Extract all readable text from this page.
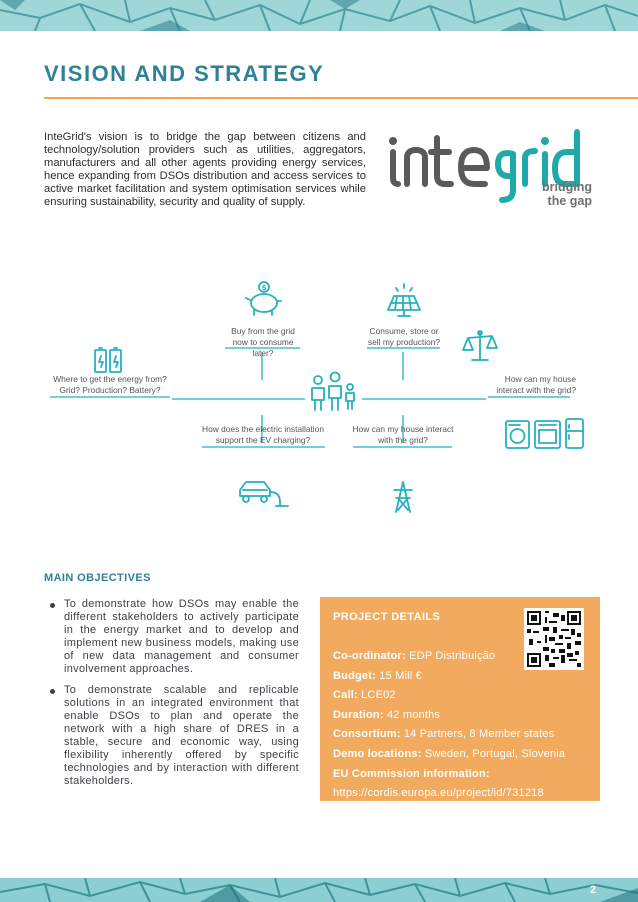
VISION AND STRATEGY

InteGrid's vision is to bridge the gap between citizens and technology/solution providers such as utilities, aggregators, manufacturers and all other agents providing energy services, hence expanding from DSOs distribution and access services to active market facilitation and system optimisation services while ensuring sustainability, security and quality of supply.

bridging
the gap
$
Buy from the grid now to consume later?
Consume, store or sell my production?
Where to get the energy from? Grid? Production? Battery?
How can my house interact with the grid?
How does the electric installation support the EV charging?
How can my house interact with the grid?
MAIN OBJECTIVES
To demonstrate how DSOs may enable the different stakeholders to actively participate in the energy market and to develop and implement new business models, making use of new data management and consumer involvement approaches.
To demonstrate scalable and replicable solutions in an integrated environment that enable DSOs to plan and operate the network with a high share of DRES in a stable, secure and economic way, using flexibility inherently offered by specific technologies and by interaction with different stakeholders.
PROJECT DETAILS
Co-ordinator: EDP Distribuição
Budget: 15 Mill €
Call: LCE02
Duration: 42 months
Consortium: 14 Partners, 8 Member states
Demo locations: Sweden, Portugal, Slovenia
EU Commission information:
https://cordis.europa.eu/project/id/731218
2
